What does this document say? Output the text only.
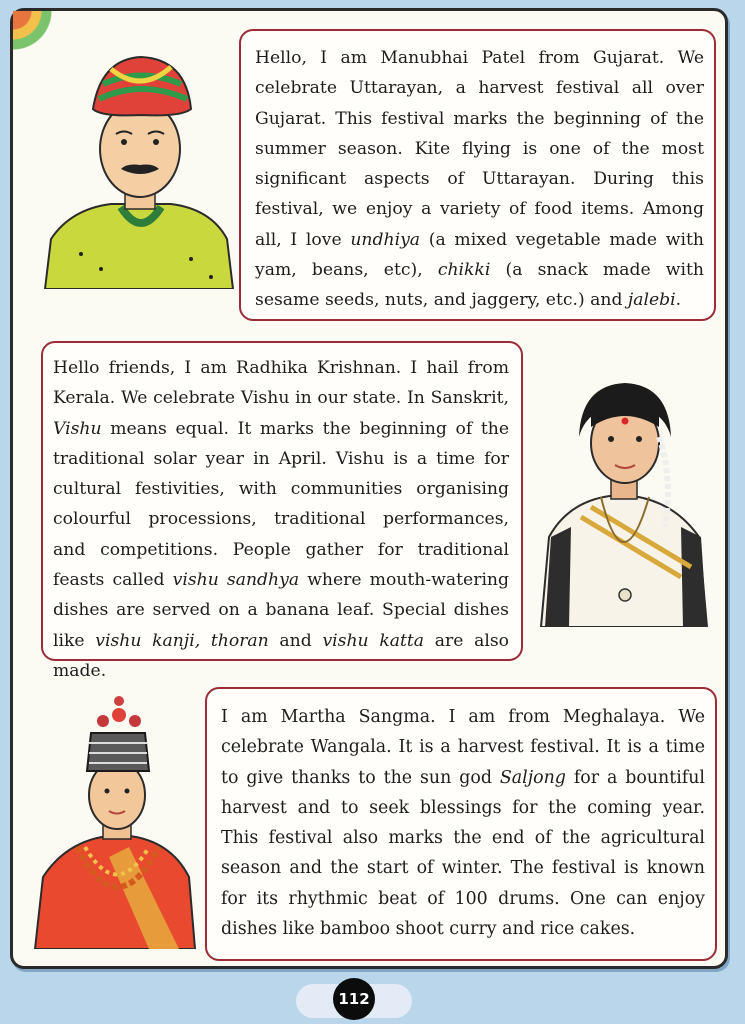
Hello, I am Manubhai Patel from Gujarat. We celebrate Uttarayan, a harvest festival all over Gujarat. This festival marks the beginning of the summer season. Kite flying is one of the most significant aspects of Uttarayan. During this festival, we enjoy a variety of food items. Among all, I love undhiya (a mixed vegetable made with yam, beans, etc), chikki (a snack made with sesame seeds, nuts, and jaggery, etc.) and jalebi.

Hello friends, I am Radhika Krishnan. I hail from Kerala. We celebrate Vishu in our state. In Sanskrit, Vishu means equal. It marks the beginning of the traditional solar year in April. Vishu is a time for cultural festivities, with communities organising colourful processions, traditional performances, and competitions. People gather for traditional feasts called vishu sandhya where mouth-watering dishes are served on a banana leaf. Special dishes like vishu kanji, thoran and vishu katta are also made.

I am Martha Sangma. I am from Meghalaya. We celebrate Wangala. It is a harvest festival. It is a time to give thanks to the sun god Saljong for a bountiful harvest and to seek blessings for the coming year. This festival also marks the end of the agricultural season and the start of winter. The festival is known for its rhythmic beat of 100 drums. One can enjoy dishes like bamboo shoot curry and rice cakes.

112
